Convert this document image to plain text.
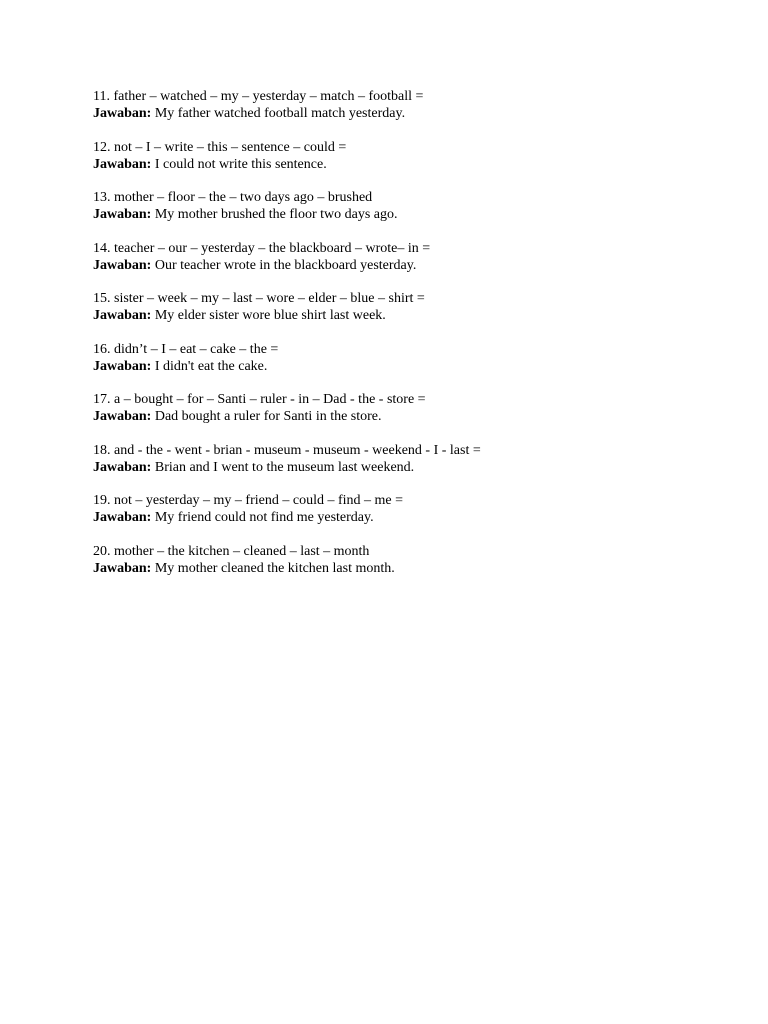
11. father – watched – my – yesterday – match – football =
Jawaban: My father watched football match yesterday.
12. not – I – write – this – sentence – could =
Jawaban: I could not write this sentence.
13. mother – floor – the – two days ago – brushed
Jawaban: My mother brushed the floor two days ago.
14. teacher – our – yesterday – the blackboard – wrote– in =
Jawaban: Our teacher wrote in the blackboard yesterday.
15. sister – week – my – last – wore – elder – blue – shirt =
Jawaban: My elder sister wore blue shirt last week.
16. didn’t – I – eat – cake – the =
Jawaban: I didn't eat the cake.
17. a – bought – for – Santi – ruler - in – Dad - the - store =
Jawaban: Dad bought a ruler for Santi in the store.
18. and - the - went - brian - museum - museum - weekend - I - last =
Jawaban: Brian and I went to the museum last weekend.
19. not – yesterday – my – friend – could – find – me =
Jawaban: My friend could not find me yesterday.
20. mother – the kitchen – cleaned – last – month
Jawaban: My mother cleaned the kitchen last month.
